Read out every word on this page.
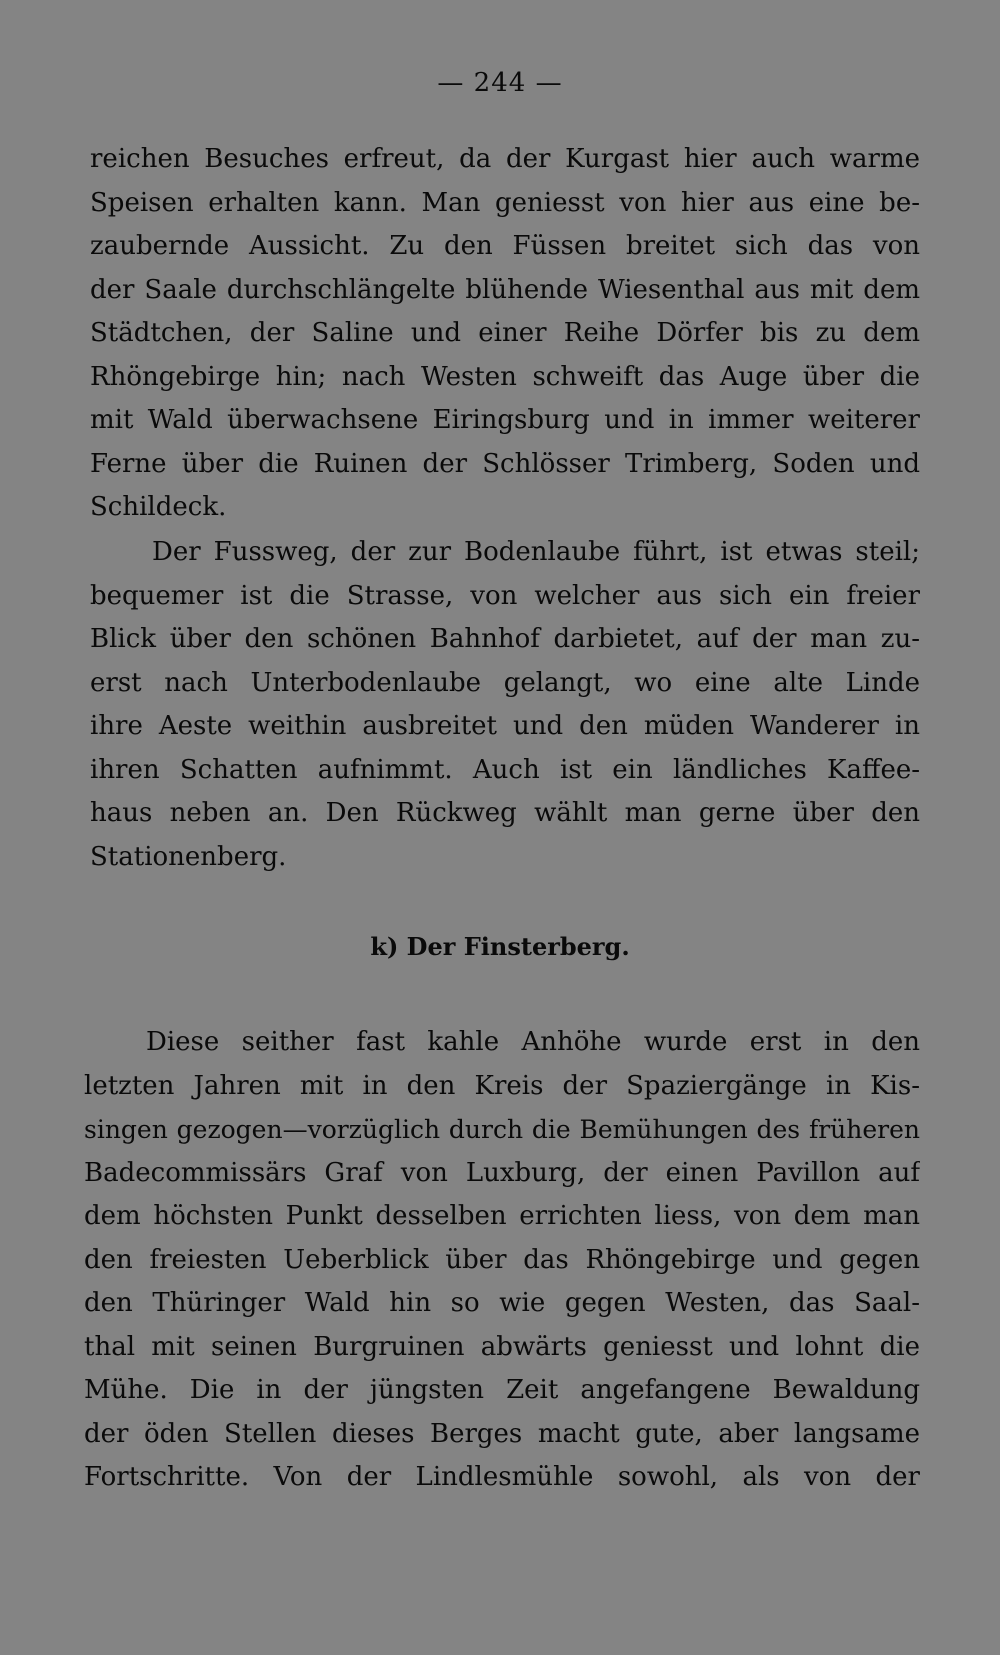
— 244 —
reichen Besuches erfreut, da der Kurgast hier auch warme
Speisen erhalten kann. Man geniesst von hier aus eine be-
zaubernde Aussicht. Zu den Füssen breitet sich das von
der Saale durchschlängelte blühende Wiesenthal aus mit dem
Städtchen, der Saline und einer Reihe Dörfer bis zu dem
Rhöngebirge hin; nach Westen schweift das Auge über die
mit Wald überwachsene Eiringsburg und in immer weiterer
Ferne über die Ruinen der Schlösser Trimberg, Soden und
Schildeck.
Der Fussweg, der zur Bodenlaube führt, ist etwas steil;
bequemer ist die Strasse, von welcher aus sich ein freier
Blick über den schönen Bahnhof darbietet, auf der man zu-
erst nach Unterbodenlaube gelangt, wo eine alte Linde
ihre Aeste weithin ausbreitet und den müden Wanderer in
ihren Schatten aufnimmt. Auch ist ein ländliches Kaffee-
haus neben an. Den Rückweg wählt man gerne über den
Stationenberg.
k) Der Finsterberg.
Diese seither fast kahle Anhöhe wurde erst in den
letzten Jahren mit in den Kreis der Spaziergänge in Kis-
singen gezogen—vorzüglich durch die Bemühungen des früheren
Badecommissärs Graf von Luxburg, der einen Pavillon auf
dem höchsten Punkt desselben errichten liess, von dem man
den freiesten Ueberblick über das Rhöngebirge und gegen
den Thüringer Wald hin so wie gegen Westen, das Saal-
thal mit seinen Burgruinen abwärts geniesst und lohnt die
Mühe. Die in der jüngsten Zeit angefangene Bewaldung
der öden Stellen dieses Berges macht gute, aber langsame
Fortschritte. Von der Lindlesmühle sowohl, als von der
